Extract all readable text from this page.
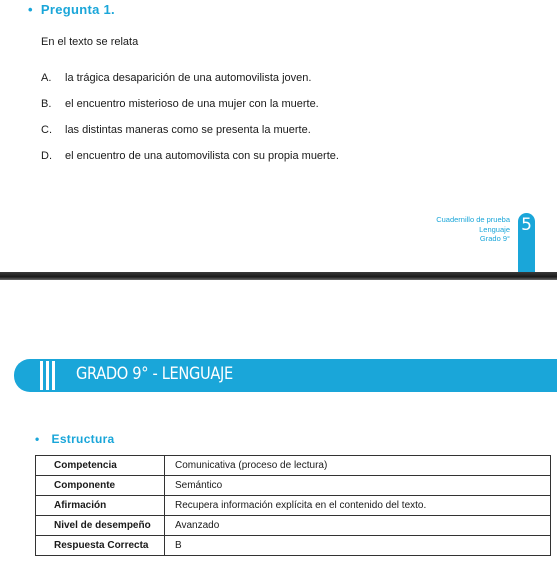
• Pregunta 1.
En el texto se relata
A.	la trágica desaparición de una automovilista joven.
B.	el encuentro misterioso de una mujer con la muerte.
C.	las distintas maneras como se presenta la muerte.
D.	el encuentro de una automovilista con su propia muerte.
Cuadernillo de prueba
Lenguaje
Grado 9°
5
GRADO 9° - LENGUAJE
• Estructura
Competencia	Comunicativa (proceso de lectura)
Componente	Semántico
Afirmación	Recupera información explícita en el contenido del texto.
Nivel de desempeño	Avanzado
Respuesta Correcta	B
